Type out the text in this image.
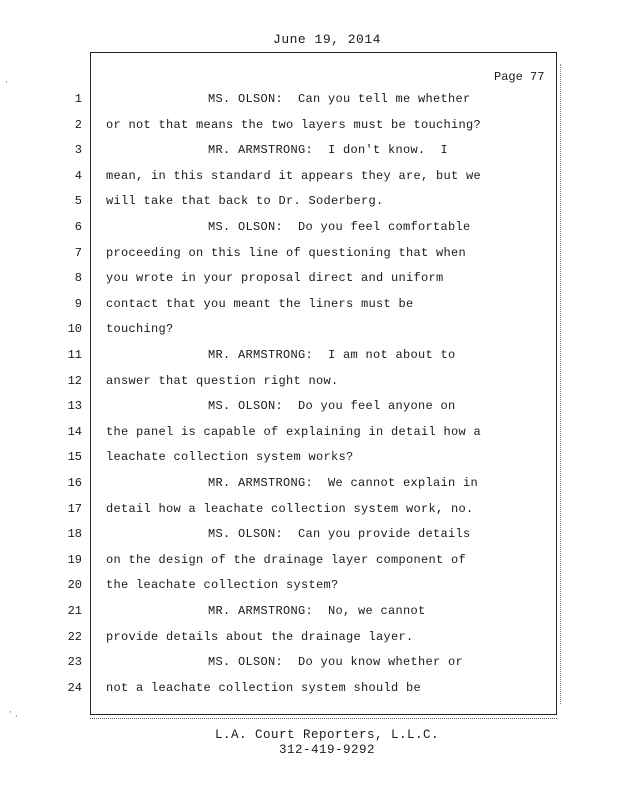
June 19, 2014
Page 77
1	MS. OLSON:  Can you tell me whether
2 or not that means the two layers must be touching?
3	MR. ARMSTRONG:  I don't know.  I
4 mean, in this standard it appears they are, but we
5 will take that back to Dr. Soderberg.
6	MS. OLSON:  Do you feel comfortable
7 proceeding on this line of questioning that when
8 you wrote in your proposal direct and uniform
9 contact that you meant the liners must be
10 touching?
11	MR. ARMSTRONG:  I am not about to
12 answer that question right now.
13	MS. OLSON:  Do you feel anyone on
14 the panel is capable of explaining in detail how a
15 leachate collection system works?
16	MR. ARMSTRONG:  We cannot explain in
17 detail how a leachate collection system work, no.
18	MS. OLSON:  Can you provide details
19 on the design of the drainage layer component of
20 the leachate collection system?
21	MR. ARMSTRONG:  No, we cannot
22 provide details about the drainage layer.
23	MS. OLSON:  Do you know whether or
24 not a leachate collection system should be
L.A. Court Reporters, L.L.C.
312-419-9292
·
· ·
